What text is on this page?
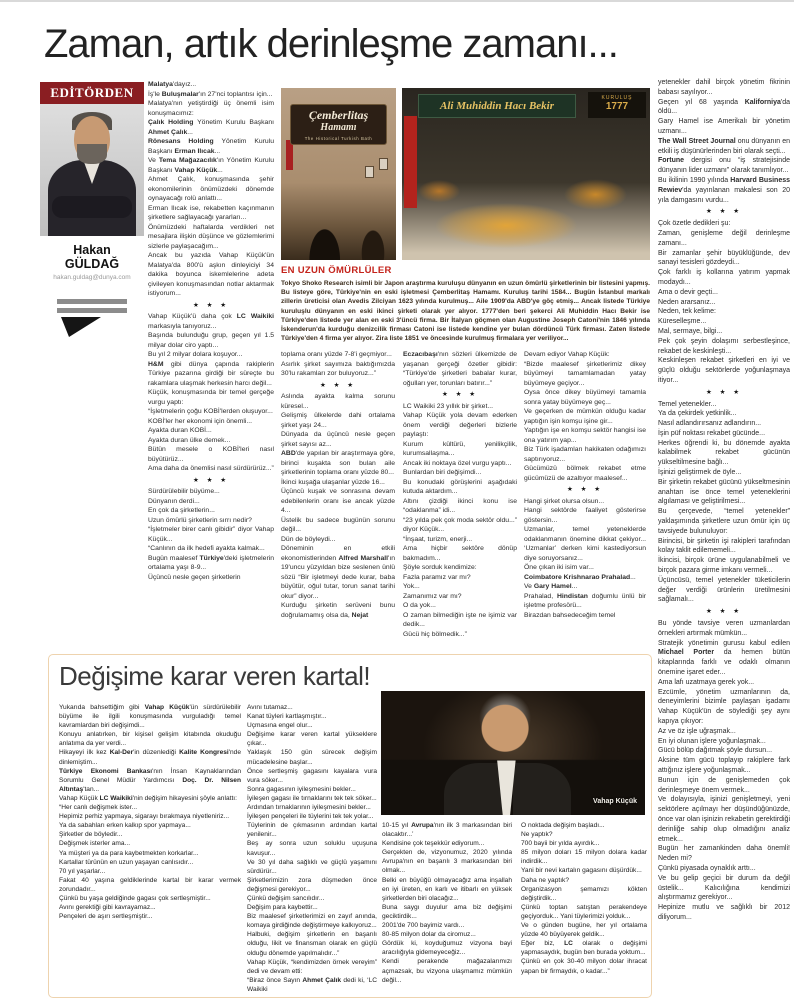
Zaman, artık derinleşme zamanı...
EDİTÖRDEN
Hakan
GÜLDAĞ
hakan.guldag@dunya.com
Malatya'dayız...
İş'le Buluşmalar'ın 27'nci toplantısı için...
Malatya'nın yetiştirdiği üç önemli isim konuşmacımız:
Çalık Holding Yönetim Kurulu Başkanı Ahmet Çalık...
Rönesans Holding Yönetim Kurulu Başkanı Erman Ilıcak...
Ve Tema Mağazacılık'ın Yönetim Kurulu Başkanı Vahap Küçük...
Ahmet Çalık, konuşmasında şehir ekonomilerinin önümüzdeki dönemde oynayacağı rolü anlattı...
Erman Ilıcak ise, rekabetten kaçınmanın şirketlere sağlayacağı yararları...
Önümüzdeki haftalarda verdikleri net mesajlara ilişkin düşünce ve gözlemlerimi sizlerle paylaşacağım...
Ancak bu yazıda Vahap Küçük'ün Malatya'da 800'ü aşkın dinleyiciyi 34 dakika boyunca iskemlelerine adeta çivileyen konuşmasından notlar aktarmak istiyorum...
★ ★ ★
Vahap Küçük'ü daha çok LC Waikiki markasıyla tanıyoruz...
Başında bulunduğu grup, geçen yıl 1.5 milyar dolar ciro yaptı...
Bu yıl 2 milyar dolara koşuyor...
H&M gibi dünya çapında rakiplerin Türkiye pazarına girdiği bir süreçte bu rakamlara ulaşmak herkesin harcı değil...
Küçük, konuşmasında bir temel gerçeğe vurgu yaptı:
“İşletmelerin çoğu KOBİ'lerden oluşuyor...
KOBİ'ler her ekonomi için önemli...
Ayakta duran KOBİ...
Ayakta duran ülke demek...
Bütün mesele o KOBİ'leri nasıl büyütürüz...
Ama daha da önemlisi nasıl sürdürürüz...”
★ ★ ★
Sürdürülebilir büyüme...
Dünyanın derdi...
En çok da şirketlerin...
Uzun ömürlü şirketlerin sırrı nedir?
“İşletmeler birer canlı gibidir” diyor Vahap Küçük...
“Canlının da ilk hedefi ayakta kalmak...
Bugün maalesef Türkiye'deki işletmelerin ortalama yaşı 8-9...
Üçüncü nesle geçen şirketlerin
Çemberlitaş
Hamamı
The Historical Turkish Bath
Ali Muhiddin Hacı Bekir
KURULUŞ
1777
EN UZUN ÖMÜRLÜLER
Tokyo Shoko Research isimli bir Japon araştırma kuruluşu dünyanın en uzun ömürlü şirketlerinin bir listesini yapmış. Bu listeye göre, Türkiye'nin en eski işletmesi Çemberlitaş Hamamı. Kuruluş tarihi 1584... Bugün İstanbul markalı zillerin üreticisi olan Avedis Zilciyan 1623 yılında kurulmuş... Aile 1909'da ABD'ye göç etmiş... Ancak listede Türkiye kuruluşlu dünyanın en eski ikinci şirketi olarak yer alıyor. 1777'den beri şekerci Ali Muhiddin Hacı Bekir ise Türkiye'den listede yer alan en eski 3'üncü firma. Bir İtalyan göçmen olan Augustine Joseph Catoni'nin 1846 yılında İskenderun'da kurduğu denizcilik firması Catoni ise listede kendine yer bulan dördüncü Türk firması. Zaten listede Türkiye'den 4 firma yer alıyor. Zira liste 1851 ve öncesinde kurulmuş firmalara yer veriliyor...
toplama oranı yüzde 7-8'i geçmiyor...
Asırlık şirket sayımıza baktığımızda 30'lu rakamları zor buluyoruz...”
★ ★ ★
Aslında ayakta kalma sorunu küresel...
Gelişmiş ülkelerde dahi ortalama şirket yaşı 24...
Dünyada da üçüncü nesle geçen şirket sayısı az...
ABD'de yapılan bir araştırmaya göre, birinci kuşakta son bulan aile şirketlerinin toplama oranı yüzde 80...
İkinci kuşağa ulaşanlar yüzde 16...
Üçüncü kuşak ve sonrasına devam edebilenlerin oranı ise ancak yüzde 4...
Üstelik bu sadece bugünün sorunu değil...
Dün de böyleydi...
Döneminin en etkili ekonomistlerinden Alfred Marshall'ın 19'uncu yüzyıldan bize seslenen ünlü sözü “Bir işletmeyi dede kurar, baba büyütür, oğul tutar, torun sanat tarihi okur” diyor...
Kurduğu şirketin serüveni bunu doğrulamamış olsa da, Nejat
Eczacıbaşı'nın sözleri ülkemizde de yaşanan gerçeği özetler gibidir: “Türkiye'de şirketleri babalar kurar, oğulları yer, torunları batırır...”
★ ★ ★
LC Waikiki 23 yıllık bir şirket...
Vahap Küçük yola devam ederken önem verdiği değerleri bizlerle paylaştı:
Kurum kültürü, yenilikçilik, kurumsallaşma...
Ancak iki noktaya özel vurgu yaptı...
Bunlardan biri değişimdi...
Bu konudaki görüşlerini aşağıdaki kutuda aktardım...
Altını çizdiği ikinci konu ise “odaklanma” idi...
“23 yılda pek çok moda sektör oldu...” diyor Küçük...
“İnşaat, turizm, enerji...
Ama hiçbir sektöre dönüp bakmadım...
Şöyle sorduk kendimize:
Fazla paramız var mı?
Yok...
Zamanımız var mı?
O da yok...
O zaman bilmediğin işte ne işimiz var dedik...
Gücü hiç bölmedik...”
Devam ediyor Vahap Küçük:
“Bizde maalesef şirketlerimiz dikey büyümeyi tamamlamadan yatay büyümeye geçiyor...
Oysa önce dikey büyümeyi tamamla sonra yatay büyümeye geç...
Ve geçerken de mümkün olduğu kadar yaptığın işin komşu işine gir...
Yaptığın işe en komşu sektör hangisi ise ona yatırım yap...
Biz Türk işadamları hakikaten odağımızı saptırıyoruz...
Gücümüzü bölmek rekabet etme gücümüzü de azaltıyor maalesef...
★ ★ ★
Hangi şirket olursa olsun...
Hangi sektörde faaliyet gösterirse göstersin...
Uzmanlar, temel yeteneklerde odaklanmanın önemine dikkat çekiyor... ‘Uzmanlar’ derken kimi kastediyorsun diye soruyorsanız...
Öne çıkan iki isim var...
Coimbatore Krishnarao Prahalad...
Ve Gary Hamel...
Prahalad, Hindistan doğumlu ünlü bir işletme profesörü...
Birazdan bahsedeceğim temel
yetenekler dahil birçok yönetim fikrinin babası sayılıyor...
Geçen yıl 68 yaşında Kaliforniya'da öldü...
Gary Hamel ise Amerikalı bir yönetim uzmanı...
The Wall Street Journal onu dünyanın en etkili iş düşünürlerinden biri olarak seçti...
Fortune dergisi onu “iş stratejisinde dünyanın lider uzmanı” olarak tanımlıyor...
Bu ikilinin 1990 yılında Harvard Business Rewiev'da yayınlanan makalesi son 20 yıla damgasını vurdu...
★ ★ ★
Çok özetle dedikleri şu:
Zaman, genişleme değil derinleşme zamanı...
Bir zamanlar şehir büyüklüğünde, dev sanayi tesisleri gözdeydi...
Çok farklı iş kollarına yatırım yapmak modaydı...
Ama o devir geçti...
Neden ararsanız...
Neden, tek kelime:
Küreselleşme...
Mal, sermaye, bilgi...
Pek çok şeyin dolaşımı serbestleşince, rekabet de keskinleşti...
Keskinleşen rekabet şirketleri en iyi ve güçlü olduğu sektörlerde yoğunlaşmaya itiyor...
★ ★ ★
Temel yetenekler...
Ya da çekirdek yetkinlik...
Nasıl adlandırırsanız adlandırın...
İşin püf noktası rekabet gücünde...
Herkes öğrendi ki, bu dönemde ayakta kalabilmek rekabet gücünün yükseltilmesine bağlı...
İşinizi geliştirmek de öyle...
Bir şirketin rekabet gücünü yükseltmesinin anahtarı ise önce temel yeteneklerini algılaması ve geliştirilmesi...
Bu çerçevede, “temel yetenekler” yaklaşımında şirketlere uzun ömür için üç tavsiyede bulunuluyor:
Birincisi, bir şirketin işi rakipleri tarafından kolay taklit edilememeli...
İkincisi, birçok ürüne uygulanabilmeli ve birçok pazara girme imkanı vermeli...
Üçüncüsü, temel yetenekler tüketicilerin değer verdiği ürünlerin üretilmesini sağlamalı...
★ ★ ★
Bu yönde tavsiye veren uzmanlardan örnekleri artırmak mümkün...
Stratejik yönetimin gurusu kabul edilen Michael Porter da hemen bütün kitaplarında farklı ve odaklı olmanın önemine işaret eder...
Ama lafı uzatmaya gerek yok...
Ezcümle, yönetim uzmanlarının da, deneyimlerini bizimle paylaşan işadamı Vahap Küçük'ün de söylediği şey aynı kapıya çıkıyor:
Az ve öz işle uğraşmak...
En iyi olunan işlere yoğunlaşmak...
Gücü bölüp dağıtmak şöyle dursun...
Aksine tüm gücü toplayıp rakiplere fark attığınız işlere yoğunlaşmak...
Bunun için de genişlemeden çok derinleşmeye önem vermek...
Ve dolayısıyla, işinizi genişletmeyi, yeni sektörlere açılmayı her düşündüğünüzde, önce var olan işinizin rekabetin gerektirdiği derinliğe sahip olup olmadığını analiz etmek...
Bugün her zamankinden daha önemli! Neden mi?
Çünkü piyasada oynaklık arttı...
Ve bu gelip geçici bir durum da değil üstelik... Kalıcılığına kendimizi alıştırmamız gerekiyor...
Hepinize mutlu ve sağlıklı bir 2012 diliyorum...
Değişime karar veren kartal!
Yukarıda bahsettiğim gibi Vahap Küçük'ün sürdürülebilir büyüme ile ilgili konuşmasında vurguladığı temel kavramlardan biri değişimdi...
Konuyu anlatırken, bir kişisel gelişim kitabında okuduğu anlatıma da yer verdi...
Hikayeyi ilk kez Kal-Der'in düzenlediği Kalite Kongresi'nde dinlemiştim...
Türkiye Ekonomi Bankası'nın İnsan Kaynaklarından Sorumlu Genel Müdür Yardımcısı Doç. Dr. Nilsen Altıntaş'tan...
Vahap Küçük LC Waikiki'nin değişim hikayesini şöyle anlattı:
“Her canlı değişmek ister...
Hepimiz perhiz yapmaya, sigarayı bırakmaya niyetleniriz...
Ya da sabahları erken kalkıp spor yapmaya...
Şirketler de böyledir...
Değişmek isterler ama...
Ya müşteri ya da para kaybetmekten korkarlar...
Kartallar türünün en uzun yaşayan canlısıdır...
70 yıl yaşarlar...
Fakat 40 yaşına geldiklerinde kartal bir karar vermek zorundadır...
Çünkü bu yaşa geldiğinde gagası çok sertleşmiştir...
Avını gerektiği gibi kavrayamaz...
Pençeleri de aşırı sertleşmiştir...
Avını tutamaz...
Kanat tüyleri kartlaşmıştır...
Uçmasına engel olur...
Değişime karar veren kartal yükseklere çıkar...
Yaklaşık 150 gün sürecek değişim mücadelesine başlar...
Önce sertleşmiş gagasını kayalara vura vura söker...
Sonra gagasının iyileşmesini bekler...
İyileşen gagası ile tırnaklarını tek tek söker...
Ardından tırnaklarının iyileşmesini bekler...
İyileşen pençeleri ile tüylerini tek tek yolar...
Tüylerinin de çıkmasının ardından kartal yenilenir...
Beş ay sonra uzun soluklu uçuşuna kavuşur...
Ve 30 yıl daha sağlıklı ve güçlü yaşamını sürdürür...
Şirketlerimizin zora düşmeden önce değişmesi gerekiyor...
Çünkü değişim sancılıdır...
Değişim para kaybettir...
Biz maalesef şirketlerimizi en zayıf anında, komaya girdiğinde değiştirmeye kalkıyoruz...
Halbuki, değişim şirketlerin en başarılı olduğu, likit ve finansman olarak en güçlü olduğu dönemde yapılmalıdır...”
Vahap Küçük, “kendimizden örnek vereyim” dedi ve devam etti:
“Biraz önce Sayın Ahmet Çalık dedi ki, ‘LC Waikiki
Vahap Küçük
10-15 yıl Avrupa'nın ilk 3 markasından biri olacaktır...’
Kendisine çok teşekkür ediyorum...
Gerçekten de, vizyonumuz, 2020 yılında Avrupa'nın en başarılı 3 markasından biri olmak...
Belki en büyüğü olmayacağız ama inşallah en iyi üreten, en karlı ve itibarlı en yüksek şirketlerden biri olacağız...
Buna saygı duyulur ama biz değişimi geciktirdik...
2001'de 700 bayimiz vardı...
80-85 milyon dolar da ciromuz...
Gördük ki, koyduğumuz vizyona bayi aracılığıyla gidemeyeceğiz...
Kendi perakende mağazalarımızı açmazsak, bu vizyona ulaşmamız mümkün değil...
O noktada değişim başladı...
Ne yaptık?
700 bayii bir yılda ayırdık...
85 milyon doları 15 milyon dolara kadar indirdik...
Yani bir nevi kartalın gagasını düşürdük...
Daha ne yaptık?
Organizasyon şemamızı kökten değiştirdik...
Çünkü toptan satıştan perakendeye geçiyorduk... Yani tüylerimizi yolduk...
Ve o günden bugüne, her yıl ortalama yüzde 40 büyüyerek geldik...
Eğer biz, LC olarak o değişimi yapmasaydık, bugün ben burada yoktum...
Çünkü en çok 30-40 milyon dolar ihracat yapan bir firmaydık, o kadar...”
